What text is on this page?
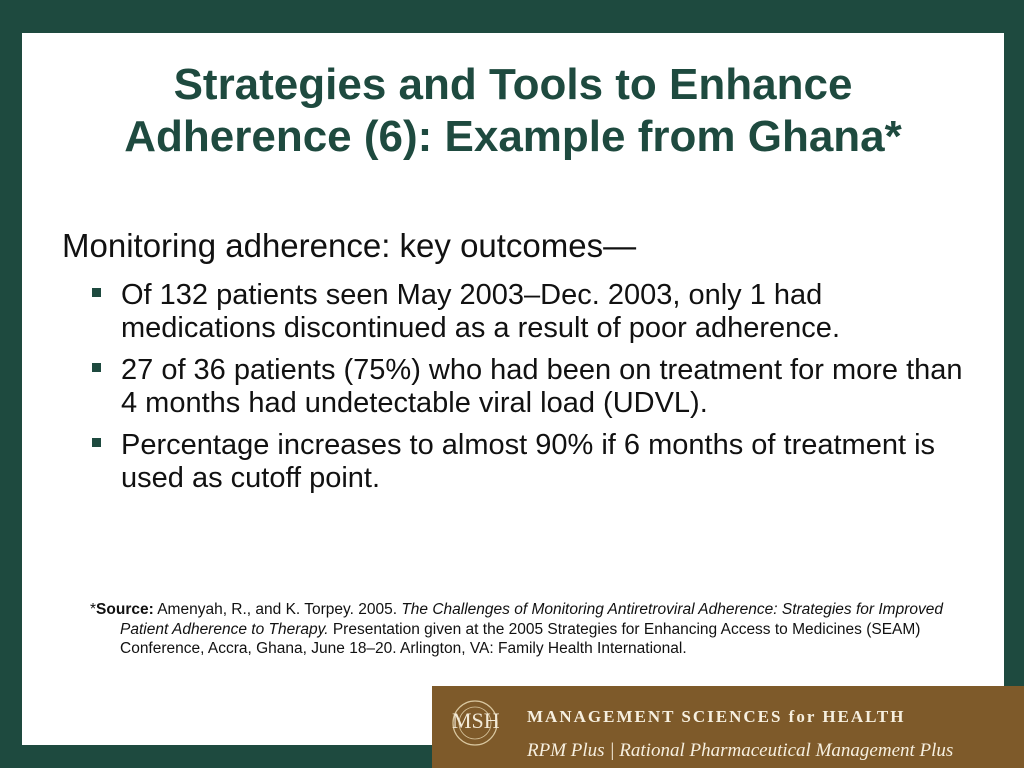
Strategies and Tools to Enhance
Adherence (6): Example from Ghana*
Monitoring adherence: key outcomes—
Of 132 patients seen May 2003–Dec. 2003, only 1 had medications discontinued as a result of poor adherence.
27 of 36 patients (75%) who had been on treatment for more than 4 months had undetectable viral load (UDVL).
Percentage increases to almost 90% if 6 months of treatment is used as cutoff point.
*Source: Amenyah, R., and K. Torpey. 2005. The Challenges of Monitoring Antiretroviral Adherence: Strategies for Improved Patient Adherence to Therapy. Presentation given at the 2005 Strategies for Enhancing Access to Medicines (SEAM) Conference, Accra, Ghana, June 18–20. Arlington, VA: Family Health International.
MSH MANAGEMENT SCIENCES for HEALTH
RPM Plus | Rational Pharmaceutical Management Plus
